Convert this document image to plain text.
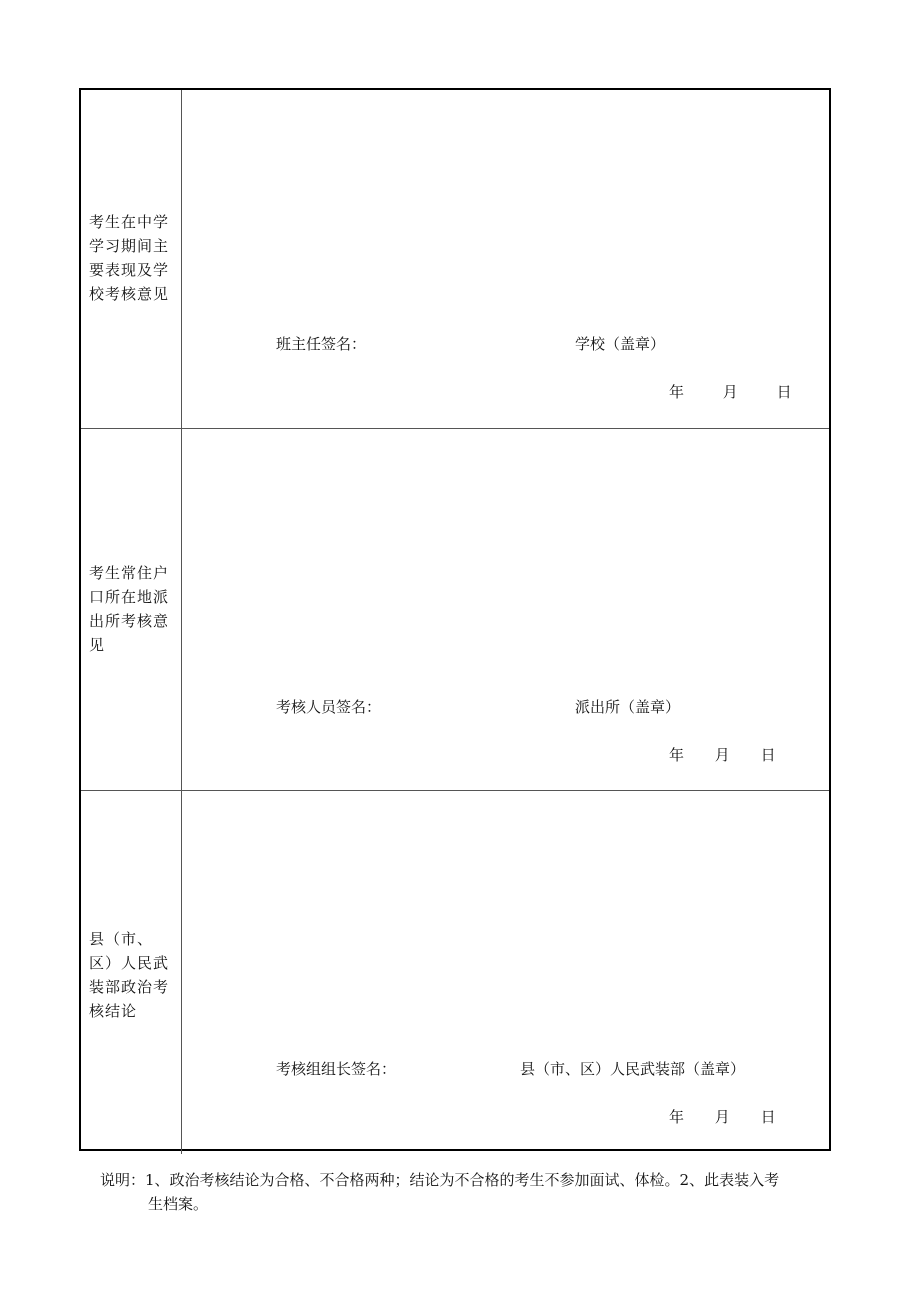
考生在中学学习期间主要表现及学校考核意见
班主任签名：	学校（盖章）
年	月	日
考生常住户口所在地派出所考核意见
考核人员签名：	派出所（盖章）
年 月 日
县（市、区）人民武装部政治考核结论
考核组组长签名：	县（市、区）人民武装部（盖章）
年 月 日
说明：1、政治考核结论为合格、不合格两种；结论为不合格的考生不参加面试、体检。2、此表装入考
生档案。
